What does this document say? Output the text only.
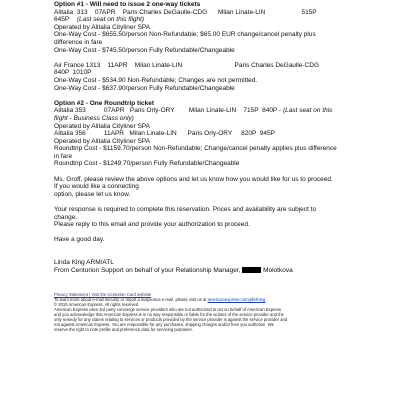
Option #1 - Will need to issue 2 one-way tickets
Alitalia  313    07APR    Paris Charles DeGaulle-CDG      Milan Linate-LIN                    515P
645P (Last seat on this flight)
Operated by Alitalia Cityliner SPA
One-Way Cost - $655.50/person Non-Refundable; $65.00 EUR change/cancel penalty plus
difference in fare
One-Way Cost - $745.50/person Fully Refundable/Changeable
Air France 1313    11APR    Milan Linate-LIN                             Paris Charles DeGaulle-CDG
840P  1010P
One-Way Cost - $534.90 Non-Refundable; Changes are not permitted.
One-Way Cost - $637.90/person Fully Refundable/Changeable
Option #2 - One Roundtrip ticket
Alitalia 353          07APR   Paris Orly-ORY        Milan Linate-LIN    715P  840P - (Last seat on this
flight - Business Class only)
Operated by Alitalia Cityliner SPA
Alitalia 356          11APR   Milan Linate-LIN      Paris Orly-ORY     820P  945P
Operated by Alitalia Cityliner SPA
Roundtrip Cost - $1159.70/person Non-Refundable; Change/cancel penalty applies plus difference
in fare
Roundtrip Cost - $1249.70/person Fully Refundable/Changeable
Ms. Groff, please review the above options and let us know how you would like for us to proceed.
If you would like a connecting
option, please let us know.
Your response is required to complete this reservation. Prices and availability are subject to
change.
Please reply to this email and provide your authorization to proceed.
Have a good day.
Linda King ARM/ATL
From Centurion Support on behalf of your Relationship Manager,	Molotkova
Privacy Statement | Visit the Centurion Card website
To learn more about e-mail security or report a suspicious e-mail, please visit us at americanexpress.com/phishing
© 2015 American Express. All rights reserved
American Express uses 3rd party concierge service providers who are not authorized to act on behalf of American Express
and you acknowledge that American Express is in no way responsible or liable for the actions of the service provider and the
only remedy for any claims relating to services or products provided by the service provider is against the service provider and
not against American Express. You are responsible for any purchases, shipping charges and/or fees you authorize. We
reserve the right to note profile and preference data for servicing purposes.
